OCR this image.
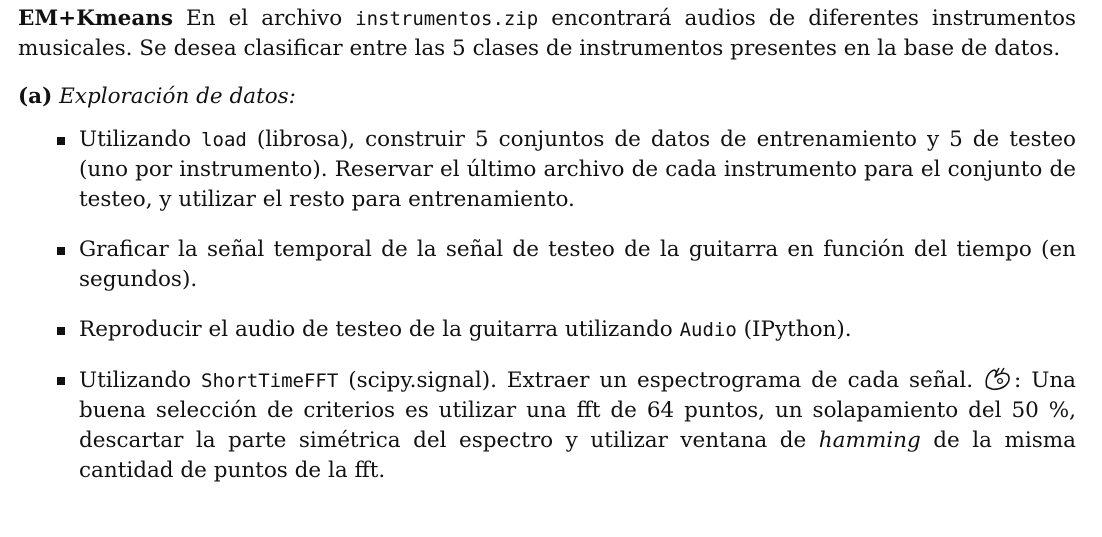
EM+Kmeans En el archivo instrumentos.zip encontrará audios de diferentes instrumentos musicales. Se desea clasificar entre las 5 clases de instrumentos presentes en la base de datos.

(a) Exploración de datos:

Utilizando load (librosa), construir 5 conjuntos de datos de entrenamiento y 5 de testeo (uno por instrumento). Reservar el último archivo de cada instrumento para el conjunto de testeo, y utilizar el resto para entrenamiento.
Graficar la señal temporal de la señal de testeo de la guitarra en función del tiempo (en segundos).
Reproducir el audio de testeo de la guitarra utilizando Audio (IPython).
Utilizando ShortTimeFFT (scipy.signal). Extraer un espectrograma de cada señal. : Una buena selección de criterios es utilizar una fft de 64 puntos, un solapamiento del 50 %, descartar la parte simétrica del espectro y utilizar ventana de hamming de la misma cantidad de puntos de la fft.
